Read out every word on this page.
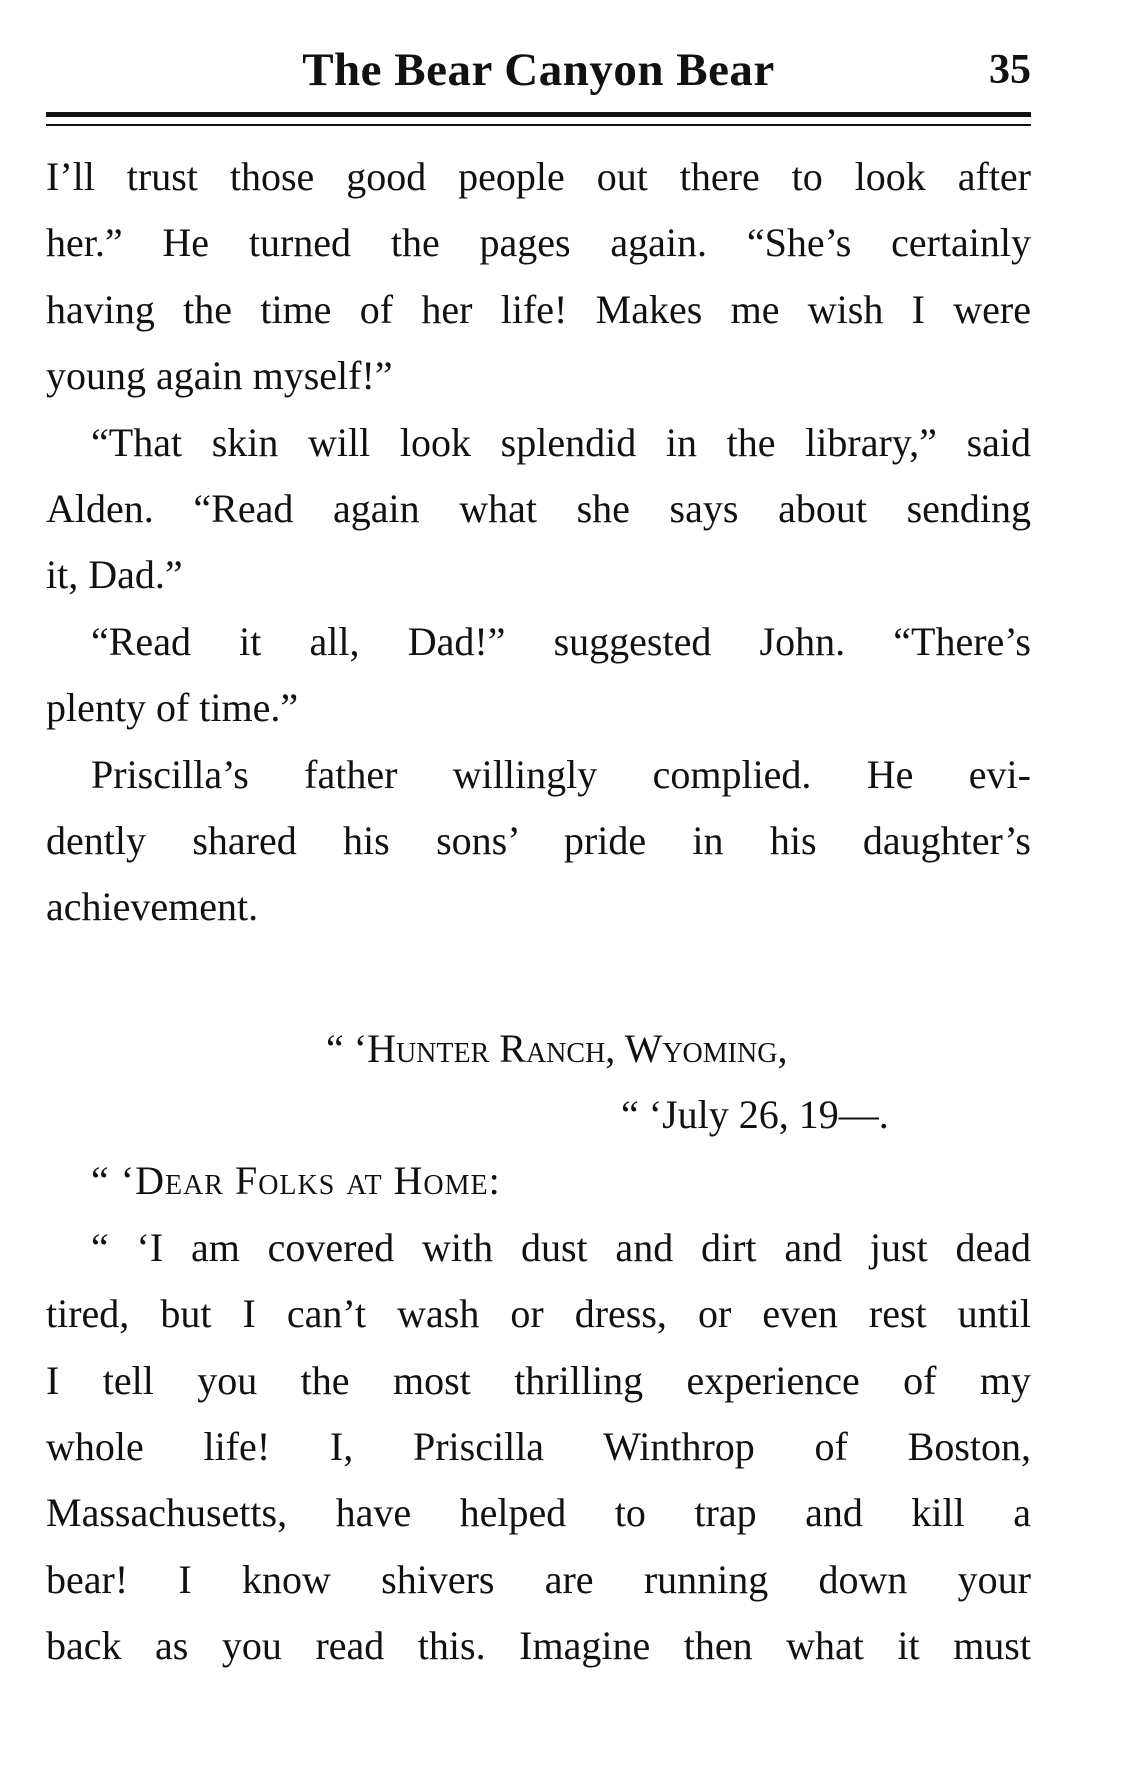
The Bear Canyon Bear	35
I’ll trust those good people out there to look after
her.” He turned the pages again. “She’s certainly
having the time of her life! Makes me wish I were
young again myself!”
“That skin will look splendid in the library,” said
Alden. “Read again what she says about sending
it, Dad.”
“Read it all, Dad!” suggested John. “There’s
plenty of time.”
Priscilla’s father willingly complied. He evi-
dently shared his sons’ pride in his daughter’s
achievement.
“ ‘Hunter Ranch, Wyoming,
“ ‘July 26, 19—.
“ ‘Dear Folks at Home:
“ ‘I am covered with dust and dirt and just dead
tired, but I can’t wash or dress, or even rest until
I tell you the most thrilling experience of my
whole life! I, Priscilla Winthrop of Boston,
Massachusetts, have helped to trap and kill a
bear! I know shivers are running down your
back as you read this. Imagine then what it must
